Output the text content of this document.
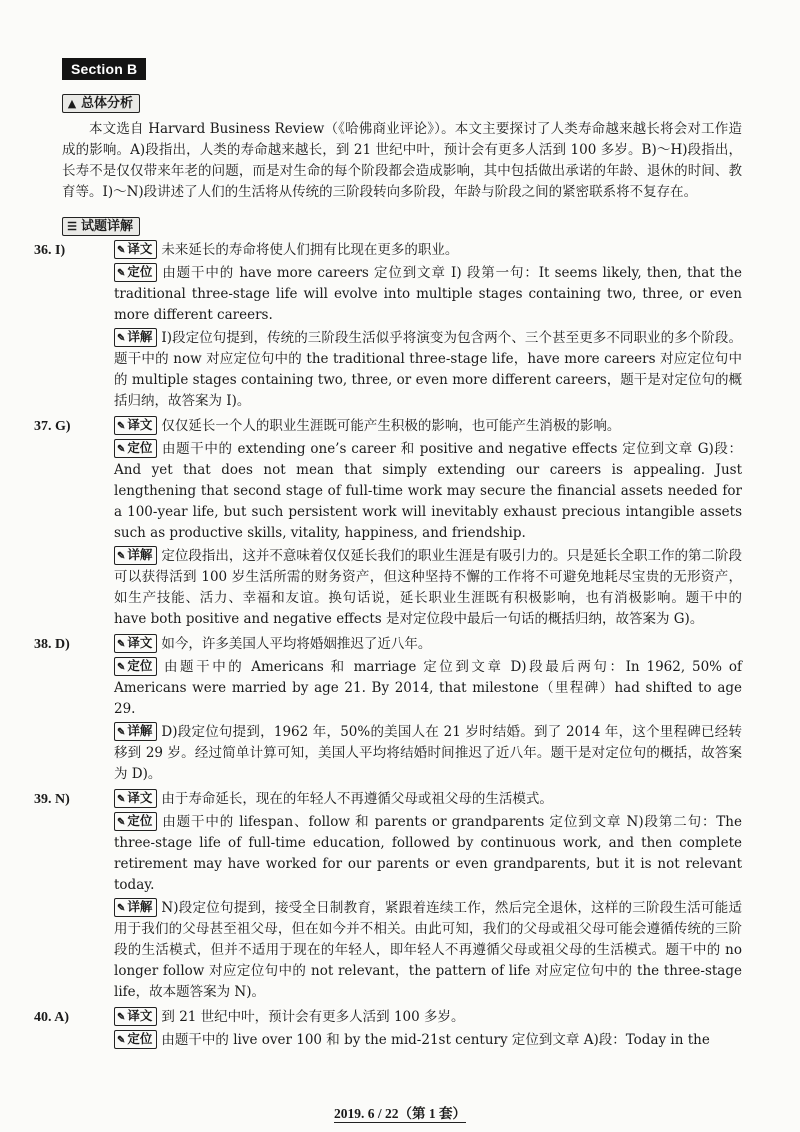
Section B
▲ 总体分析

本文选自 Harvard Business Review（《哈佛商业评论》）。本文主要探讨了人类寿命越来越长将会对工作造成的影响。A)段指出，人类的寿命越来越长，到 21 世纪中叶，预计会有更多人活到 100 多岁。B)～H)段指出，长寿不是仅仅带来年老的问题，而是对生命的每个阶段都会造成影响，其中包括做出承诺的年龄、退休的时间、教育等。I)～N)段讲述了人们的生活将从传统的三阶段转向多阶段，年龄与阶段之间的紧密联系将不复存在。

☰ 试题详解
36. I)	✎ 译文 未来延长的寿命将使人们拥有比现在更多的职业。
✎ 定位 由题干中的 have more careers 定位到文章 I) 段第一句：It seems likely, then, that the traditional three-stage life will evolve into multiple stages containing two, three, or even more different careers.
✎ 详解 I)段定位句提到，传统的三阶段生活似乎将演变为包含两个、三个甚至更多不同职业的多个阶段。题干中的 now 对应定位句中的 the traditional three-stage life，have more careers 对应定位句中的 multiple stages containing two, three, or even more different careers，题干是对定位句的概括归纳，故答案为 I)。
37. G)	✎ 译文 仅仅延长一个人的职业生涯既可能产生积极的影响，也可能产生消极的影响。
✎ 定位 由题干中的 extending one’s career 和 positive and negative effects 定位到文章 G)段：And yet that does not mean that simply extending our careers is appealing. Just lengthening that second stage of full-time work may secure the financial assets needed for a 100-year life, but such persistent work will inevitably exhaust precious intangible assets such as productive skills, vitality, happiness, and friendship.
✎ 详解 定位段指出，这并不意味着仅仅延长我们的职业生涯是有吸引力的。只是延长全职工作的第二阶段可以获得活到 100 岁生活所需的财务资产，但这种坚持不懈的工作将不可避免地耗尽宝贵的无形资产，如生产技能、活力、幸福和友谊。换句话说，延长职业生涯既有积极影响，也有消极影响。题干中的 have both positive and negative effects 是对定位段中最后一句话的概括归纳，故答案为 G)。
38. D)	✎ 译文 如今，许多美国人平均将婚姻推迟了近八年。
✎ 定位 由题干中的 Americans 和 marriage 定位到文章 D)段最后两句：In 1962, 50% of Americans were married by age 21. By 2014, that milestone（里程碑）had shifted to age 29.
✎ 详解 D)段定位句提到，1962 年，50%的美国人在 21 岁时结婚。到了 2014 年，这个里程碑已经转移到 29 岁。经过简单计算可知，美国人平均将结婚时间推迟了近八年。题干是对定位句的概括，故答案为 D)。
39. N)	✎ 译文 由于寿命延长，现在的年轻人不再遵循父母或祖父母的生活模式。
✎ 定位 由题干中的 lifespan、follow 和 parents or grandparents 定位到文章 N)段第二句：The three-stage life of full-time education, followed by continuous work, and then complete retirement may have worked for our parents or even grandparents, but it is not relevant today.
✎ 详解 N)段定位句提到，接受全日制教育，紧跟着连续工作，然后完全退休，这样的三阶段生活可能适用于我们的父母甚至祖父母，但在如今并不相关。由此可知，我们的父母或祖父母可能会遵循传统的三阶段的生活模式，但并不适用于现在的年轻人，即年轻人不再遵循父母或祖父母的生活模式。题干中的 no longer follow 对应定位句中的 not relevant，the pattern of life 对应定位句中的 the three-stage life，故本题答案为 N)。
40. A)	✎ 译文 到 21 世纪中叶，预计会有更多人活到 100 多岁。
✎ 定位 由题干中的 live over 100 和 by the mid-21st century 定位到文章 A)段：Today in the
2019. 6 / 22（第 1 套）
